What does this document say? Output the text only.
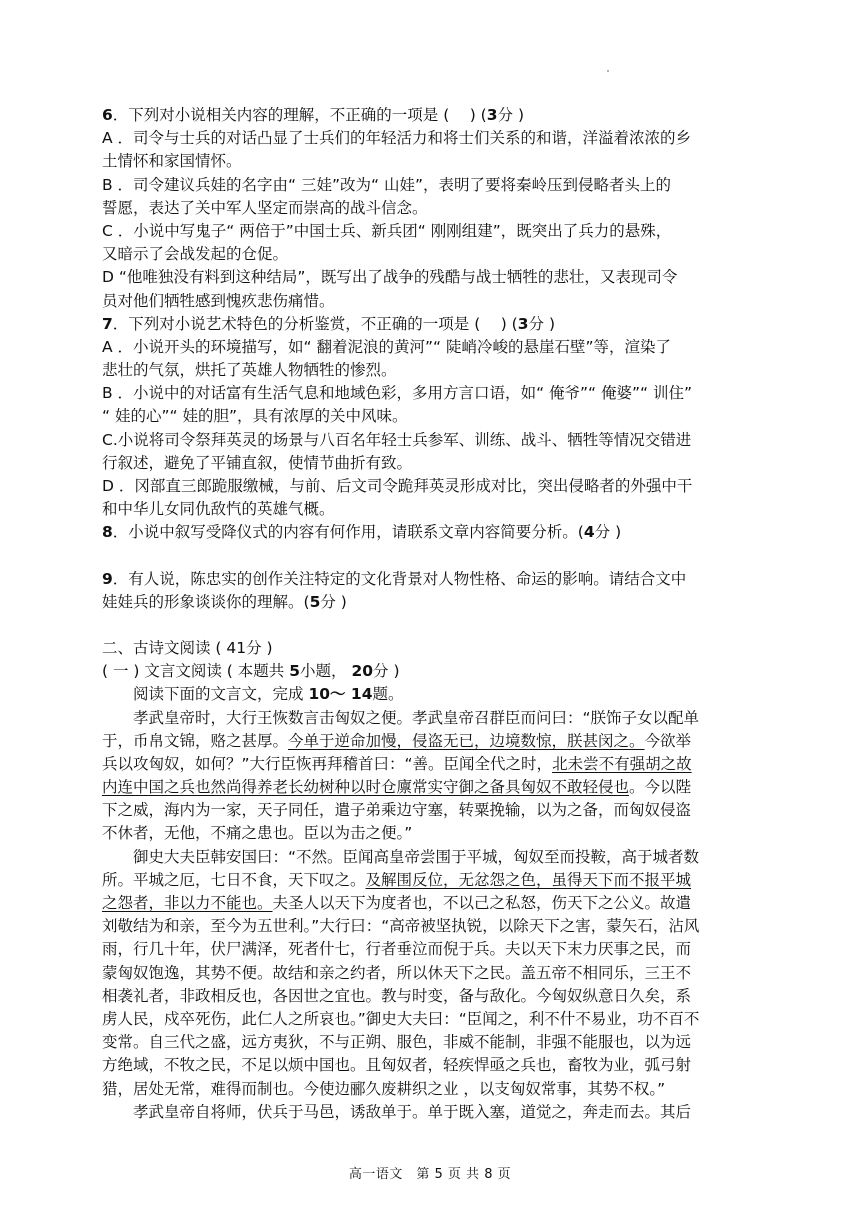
6．下列对小说相关内容的理解，不正确的一项是 (　 ) (3分 )
A ．司令与士兵的对话凸显了士兵们的年轻活力和将士们关系的和谐，洋溢着浓浓的乡
土情怀和家国情怀。
B ．司令建议兵娃的名字由“ 三娃”改为“ 山娃”，表明了要将秦岭压到侵略者头上的
誓愿，表达了关中军人坚定而崇高的战斗信念。
C ．小说中写鬼子“ 两倍于”中国士兵、新兵团“ 刚刚组建”，既突出了兵力的悬殊，
又暗示了会战发起的仓促。
D “他唯独没有料到这种结局”，既写出了战争的残酷与战士牺牲的悲壮，又表现司令
员对他们牺牲感到愧疚悲伤痛惜。
7．下列对小说艺术特色的分析鉴赏，不正确的一项是 (　 ) (3分 )
A ．小说开头的环境描写，如“ 翻着泥浪的黄河”“ 陡峭冷峻的悬崖石壁”等，渲染了
悲壮的气氛，烘托了英雄人物牺牲的惨烈。
B ．小说中的对话富有生活气息和地域色彩，多用方言口语，如“ 俺爷”“ 俺婆”“ 训住”
“ 娃的心”“ 娃的胆”，具有浓厚的关中风味。
C.小说将司令祭拜英灵的场景与八百名年轻士兵参军、训练、战斗、牺牲等情况交错进
行叙述，避免了平铺直叙，使情节曲折有致。
D ．冈部直三郎跪服缴械，与前、后文司令跪拜英灵形成对比，突出侵略者的外强中干
和中华儿女同仇敌忾的英雄气概。
8．小说中叙写受降仪式的内容有何作用，请联系文章内容简要分析。(4分 )
9．有人说，陈忠实的创作关注特定的文化背景对人物性格、命运的影响。请结合文中
娃娃兵的形象谈谈你的理解。(5分 )
二、古诗文阅读 ( 41分 )
( 一 ) 文言文阅读 ( 本题共 5小题， 20分 )
阅读下面的文言文，完成 10～ 14题。
孝武皇帝时，大行王恢数言击匈奴之便。孝武皇帝召群臣而问曰：“朕饰子女以配单
于，币帛文锦，赂之甚厚。今单于逆命加慢，侵盗无已，边境数惊，朕甚闵之。今欲举
兵以攻匈奴，如何？”大行臣恢再拜稽首曰：“善。臣闻全代之时，北未尝不有强胡之故
内连中国之兵也然尚得养老长幼树种以时仓廪常实守御之备具匈奴不敢轻侵也。今以陛
下之威，海内为一家，天子同任，遣子弟乘边守塞，转粟挽输，以为之备，而匈奴侵盗
不休者，无他，不痛之患也。臣以为击之便。”
御史大夫臣韩安国曰：“不然。臣闻高皇帝尝围于平城，匈奴至而投鞍，高于城者数
所。平城之厄，七日不食，天下叹之。及解围反位，无忿怨之色，虽得天下而不报平城
之怨者，非以力不能也。夫圣人以天下为度者也，不以己之私怒，伤天下之公义。故遣
刘敬结为和亲，至今为五世利。”大行曰：“高帝被坚执锐，以除天下之害，蒙矢石，沾风
雨，行几十年，伏尸满泽，死者什七，行者垂泣而倪于兵。夫以天下末力厌事之民，而
蒙匈奴饱逸，其势不便。故结和亲之约者，所以休天下之民。盖五帝不相同乐，三王不
相袭礼者，非政相反也，各因世之宜也。教与时变，备与敌化。今匈奴纵意日久矣，系
虏人民，戍卒死伤，此仁人之所哀也。”御史大夫曰：“臣闻之，利不什不易业，功不百不
变常。自三代之盛，远方夷狄，不与正朔、服色，非威不能制，非强不能服也，以为远
方绝域，不牧之民，不足以烦中国也。且匈奴者，轻疾悍亟之兵也，畜牧为业，弧弓射
猎，居处无常，难得而制也。今使边郦久废耕织之业 ，以支匈奴常事，其势不权。”
孝武皇帝自将师，伏兵于马邑，诱敌单于。单于既入塞，道觉之，奔走而去。其后
高一语文　第 5 页 共 8 页
